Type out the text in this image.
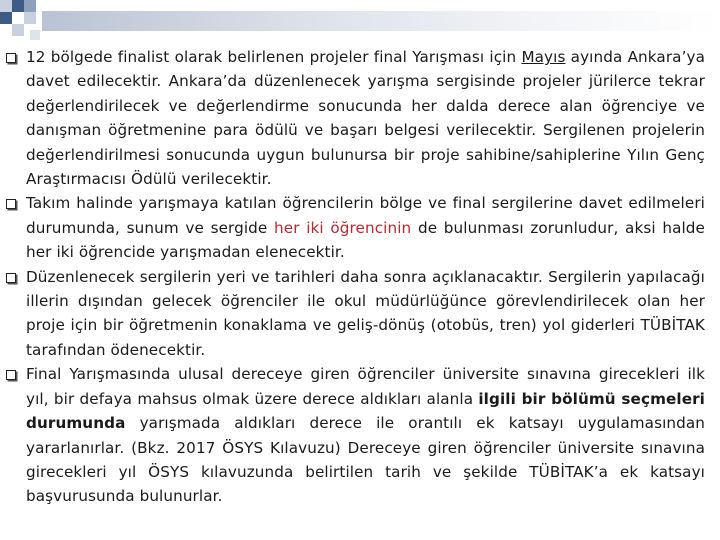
12 bölgede finalist olarak belirlenen projeler final Yarışması için Mayıs ayında Ankara’ya davet edilecektir. Ankara’da düzenlenecek yarışma sergisinde projeler jürilerce tekrar değerlendirilecek ve değerlendirme sonucunda her dalda derece alan öğrenciye ve danışman öğretmenine para ödülü ve başarı belgesi verilecektir. Sergilenen projelerin değerlendirilmesi sonucunda uygun bulunursa bir proje sahibine/sahiplerine Yılın Genç Araştırmacısı Ödülü verilecektir.
Takım halinde yarışmaya katılan öğrencilerin bölge ve final sergilerine davet edilmeleri durumunda, sunum ve sergide her iki öğrencinin de bulunması zorunludur, aksi halde her iki öğrencide yarışmadan elenecektir.
Düzenlenecek sergilerin yeri ve tarihleri daha sonra açıklanacaktır. Sergilerin yapılacağı illerin dışından gelecek öğrenciler ile okul müdürlüğünce görevlendirilecek olan her proje için bir öğretmenin konaklama ve geliş-dönüş (otobüs, tren) yol giderleri TÜBİTAK tarafından ödenecektir.
Final Yarışmasında ulusal dereceye giren öğrenciler üniversite sınavına girecekleri ilk yıl, bir defaya mahsus olmak üzere derece aldıkları alanla ilgili bir bölümü seçmeleri durumunda yarışmada aldıkları derece ile orantılı ek katsayı uygulamasından yararlanırlar. (Bkz. 2017 ÖSYS Kılavuzu) Dereceye giren öğrenciler üniversite sınavına girecekleri yıl ÖSYS kılavuzunda belirtilen tarih ve şekilde TÜBİTAK’a ek katsayı başvurusunda bulunurlar.
